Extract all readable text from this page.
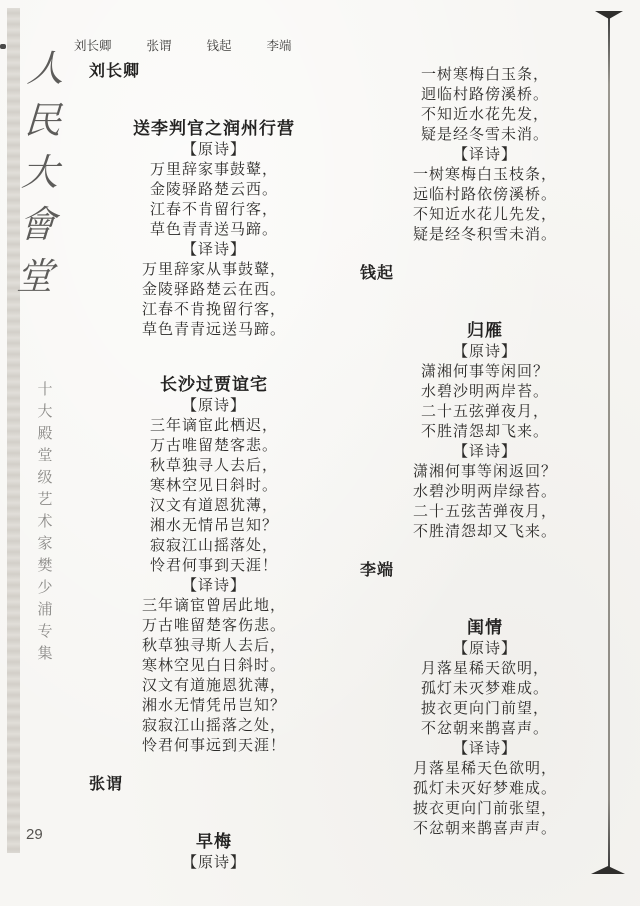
人
民
大
會
堂
十
大
殿
堂
级
艺
术
家
樊
少
浦
专
集
刘长卿	张谓	钱起	李端
刘长卿
送李判官之润州行营
【原诗】
万里辞家事鼓鼙，
金陵驿路楚云西。
江春不肯留行客，
草色青青送马蹄。
【译诗】
万里辞家从事鼓鼙，
金陵驿路楚云在西。
江春不肯挽留行客，
草色青青远送马蹄。
长沙过贾谊宅
【原诗】
三年谪宦此栖迟，
万古唯留楚客悲。
秋草独寻人去后，
寒林空见日斜时。
汉文有道恩犹薄，
湘水无情吊岂知？
寂寂江山摇落处，
怜君何事到天涯！
【译诗】
三年谪宦曾居此地，
万古唯留楚客伤悲。
秋草独寻斯人去后，
寒林空见白日斜时。
汉文有道施恩犹薄，
湘水无情凭吊岂知？
寂寂江山摇落之处，
怜君何事远到天涯！
张谓
早梅
【原诗】
一树寒梅白玉条，
迥临村路傍溪桥。
不知近水花先发，
疑是经冬雪未消。
【译诗】
一树寒梅白玉枝条，
远临村路依傍溪桥。
不知近水花儿先发，
疑是经冬积雪未消。
钱起
归雁
【原诗】
潇湘何事等闲回？
水碧沙明两岸苔。
二十五弦弹夜月，
不胜清怨却飞来。
【译诗】
潇湘何事等闲返回？
水碧沙明两岸绿苔。
二十五弦苦弹夜月，
不胜清怨却又飞来。
李端
闺情
【原诗】
月落星稀天欲明，
孤灯未灭梦难成。
披衣更向门前望，
不忿朝来鹊喜声。
【译诗】
月落星稀天色欲明，
孤灯未灭好梦难成。
披衣更向门前张望，
不忿朝来鹊喜声声。
29
